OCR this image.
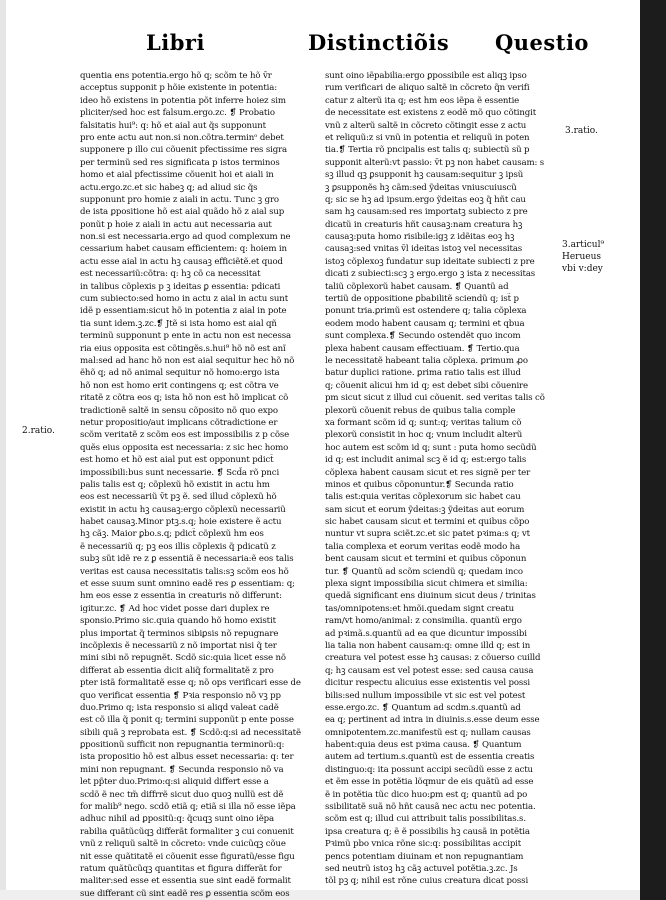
Libri	Distinctiõis Questio
quentia ens potentia.ergo hõ q; scõm te hõ v̄r
acceptus supponit p hõie existente in potentia:
ideo hõ existens in potentia põt inferre hoiez sim
pliciter/sed hoc est falsum.ergo.zc. ❡ Probatio
falsitatis hui⁹: q: hõ et aial aut q̃s supponunt
pro ente actu aut non.si non.cõtra.terminᵒ debet
supponere p illo cui cõuenit pfectissime res sigra
per terminũ sed res significata p istos terminos
homo et aial pfectissime cõuenit hoi et aiali in
actu.ergo.zc.et sic habeꝫ q; ad aliud sic q̃s
supponunt pro homie z aiali in actu. Tunc ꝫ gro
de ista ꝑpositione hõ est aial quãdo hõ z aial sup
ponũt p hoie z aiali in actu aut necessaria aut
non.si est necessaria.ergo ad quod complexum ne
cessarium habet causam efficientem: q: hoiem in
actu esse aial in actu hꝫ causaꝫ efficiẽtẽ.et quod
est necessariũ:cõtra: q: hꝫ cõ ca necessitat
in talibus cõplexis p ꝫ ideitas ꝑ essentia: pdicati
cum subiecto:sed homo in actu z aial in actu sunt
idẽ p essentiam:sicut hõ in potentia z aial in pote
tia sunt idem.ꝫ.zc.❡ Jtẽ si ista homo est aial qñ
terminũ supponunt p ente in actu non est necessa
ria eius opposita est cõtingẽs.s.hui⁹ hõ nõ est anĩ
mal:sed ad hanc hõ non est aial sequitur hec hõ nõ
ẽhõ q; ad nõ animal sequitur nõ homo:ergo ista
hõ non est homo erit contingens q; est cõtra ve
ritatẽ z cõtra eos q; ista hõ non est hõ implicat cõ
tradictionẽ saltẽ in sensu cõposito nõ quo expo
netur propositio/aut implicans cõtradictione er
scõm veritatẽ z scõm eos est impossibilis z p cõse
quẽs eius opposita est necessaria: z sic hec homo
est homo et hõ est aial put est opponunt pdict̃
impossibili:bus sunt necessarie. ❡ Scd̃a rõ pnci
palis talis est q; cõplexũ hõ existit in actu hm
eos est necessariũ v̄t pꝫ ẽ. sed illud cõplexũ hõ
existit in actu hꝫ causaꝫ:ergo cõplexũ necessariũ
habet causaꝫ.Minor ptꝫ.s.q; hoie existere ẽ actu
hꝫ cãꝫ. Maior ꝑbo.s.q; pdict̃ cõplexũ hm eos
ẽ necessariũ q; pꝫ eos illis cõplexis q̃ pdicatũ z
subꝫ sũt idẽ re z ꝑ essentiã ẽ necessaria:ẽ eos talis
veritas est causa necessitatis talis:sꝫ scõm eos hõ
et esse suum sunt omnino eadẽ res ꝑ essentiam: q;
hm eos esse z essentia in creaturis nõ differunt:
igitur.zc. ❡ Ad hoc videt posse dari duplex re
sponsio.Primo sic.quia quando hõ homo existit
plus importat q̃ terminos sibiꝑsis nõ repugnare
incõplexis ẽ necessariũ z nõ importat nisi q̃ ter
mini sibi nõ repugnẽt. Scdõ sic:quia licet esse nõ
differat ab essentia dicit aliq̃ formalitatẽ z pro
pter istã formalitatẽ esse q; nõ ops verificari esse de
quo verificat essentia ❡ Pꝛia responsio nõ vꝫ pp
duo.Primo q; ista responsio si aliqd valeat cadẽ
est cõ illa q̃ ponit q; termini supponũt p ente posse
sibili quã ꝫ reprobata est. ❡ Scdõ:q:si ad necessitatẽ
ꝑpositionũ sufficit non repugnantia terminorũ:q:
ista propositio hõ est albus esset necessaria: q: ter
mini non repugnant. ❡ Secunda responsio nõ va
let pp̃ter duo.Primo:q:si aliquid differt esse a
scdõ ẽ nec tm̃ diffrrẽ sicut duo quoꝫ nullũ est dẽ
for malib⁹ nego. scdõ etiã q; etiã si illa nõ esse iẽpa
adhuc nihil ad ꝑpositũ:q: q̃cuqꝫ sunt oino iẽpa
rabilia quãtũcũqꝫ differãt formaliter ꝫ cui conuenit
vnũ z reliquũ saltẽ in cõcreto: vnde cuicũqꝫ cõue
nit esse quãtitatẽ ei cõuenit esse figuratũ/esse figu
ratum quãtũcũqꝫ quantitas et figura differãt for
maliter:sed esse et essentia sue sint eadẽ formalit
sue differant cũ sint eadẽ res ꝑ essentia scõm eos
sunt oino iẽpabilia:ergo ꝑpossibile est aliqꝫ ipso
rum verificari de aliquo saltẽ in cõcreto q̃n verifi
catur z alterũ ita q; est hm eos iẽpa ẽ essentie
de necessitate est existens z eodẽ mõ quo cõtingit
vnũ z alterũ saltẽ in cõcreto cõtingit esse z actu
et reliquũ:z si vnũ in potentia et reliquũ in poten
tia.❡ Tertia rõ pncipalis est talis q; subiectũ sũ p
supponit alterũ:vt passio: v̄t pꝫ non habet causam: s
sꝫ illud qꝫ ꝑsupponit hꝫ causam:sequitur ꝫ ipsũ
ꝫ ꝑsupponẽs hꝫ cãm:sed ỹdeitas vniuscuiuscũ
q; sic se hꝫ ad ipsum.ergo ỹdeitas eoꝫ q̃ hñt cau
sam hꝫ causam:sed res importatꝫ subiecto z pre
dicatũ in creaturis hñt causaꝫ:nam creatura hꝫ
causaꝫ:puta homo risibile:igꝫ z idẽitas eoꝫ hꝫ
causaꝫ:sed vnitas v̄l ideitas istoꝫ vel necessitas
istoꝫ cõplexoꝫ fundatur sup ideitate subiecti z pre
dicati z subiecti:scꝫ ꝫ ergo.ergo ꝫ ista z necessitas
taliũ cõplexorũ habet causam. ❡ Quantũ ad
tertiũ de oppositione ꝑbabilitẽ sciendũ q; ist̃ p
ponunt tria.ꝑrimũ est ostendere q; talia cõplexa
eodem modo habent causam q; termini et qbua
sunt complexa.❡ Secundo ostendẽt quo incom
plexa habent causam effectiuam. ❡ Tertio.qua
le necessitatẽ habeant talia cõplexa. ꝑrimum ꝓo
batur duplici ratione. ꝑrima ratio talis est illud
q; cõuenit alicui hm id q; est debet sibi cõuenire
pm sicut sicut z illud cui cõuenit. sed veritas talis cõ
plexorũ cõuenit rebus de quibus talia comple
xa formant scõm id q; sunt:q; veritas talium cõ
plexorũ consistit in hoc q; vnum includit alterũ
hoc autem est scõm id q; sunt : puta homo secũdũ
id q; est includit animal scꝫ ẽ id q; est:ergo talis
cõplexa habent causam sicut et res signẽ per ter
minos et quibus cõponuntur.❡ Secunda ratio
talis est:quia veritas cõplexorum sic habet cau
sam sicut et eorum ỹdeitas:ꝫ ỹdeitas aut eorum
sic habet causam sicut et termini et quibus cõpo
nuntur vt supra sciẽt.zc.et sic patet pꝛima:s q; vt
talia complexa et eorum veritas eodẽ modo ha
bent causam sicut et termini et quibus cõponun
tur. ❡ Quantũ ad scõm sciendũ q; quedam inco
plexa signt impossibilia sicut chimera et similia:
quedã significant ens diuinum sicut deus / trinitas
tas/omnipotens:et hmõi.quedam signt creatu
ram/vt homo/animal: z consimilia. quantũ ergo
ad pꝛimã.s.quantũ ad ea que dicuntur impossibi
lia talia non habent causam:q: omne illd q; est in
creatura vel potest esse hꝫ causas: z cõuerso cuilld
q; hꝫ causam est vel potest esse: sed causa causa
dicitur respectu alicuius esse existentis vel possi
bilis:sed nullum impossibile vt sic est vel potest
esse.ergo.zc. ❡ Quantum ad scdm.s.quantũ ad
ea q; pertinent ad intra in diuinis.s.esse deum esse
omnipotentem.zc.manifestũ est q; nullam causas
habent:quia deus est pꝛima causa. ❡ Quantum
autem ad tertium.s.quantũ est de essentia creatis
distinguo:q: ita possunt accipi secũdũ esse z actu
et ẽm esse in potẽtia lõqmur de eis quãtũ ad esse
ẽ in potẽtia tũc dico huo:ꝑm est q; quantũ ad po
ssibilitatẽ suã nõ hñt causã nec actu nec potentia.
scõm est q; illud cui attribuit talis possibilitas.s.
ipsa creatura q; ẽ ẽ possibilis hꝫ causã in potẽtia
Pꝛimũ pbo vnica rõne sic:q: possibilitas accipit
pencs potentiam diuinam et non repugnantiam
sed neutrũ istoꝫ hꝫ cãꝫ actuvel potẽtia.ꝫ.zc. Js
tõl pꝫ q; nihil est rõne cuius creatura dicat possi
3.ratio.
3.articul⁹
Herueus
vbi v:dey
2.ratio.
